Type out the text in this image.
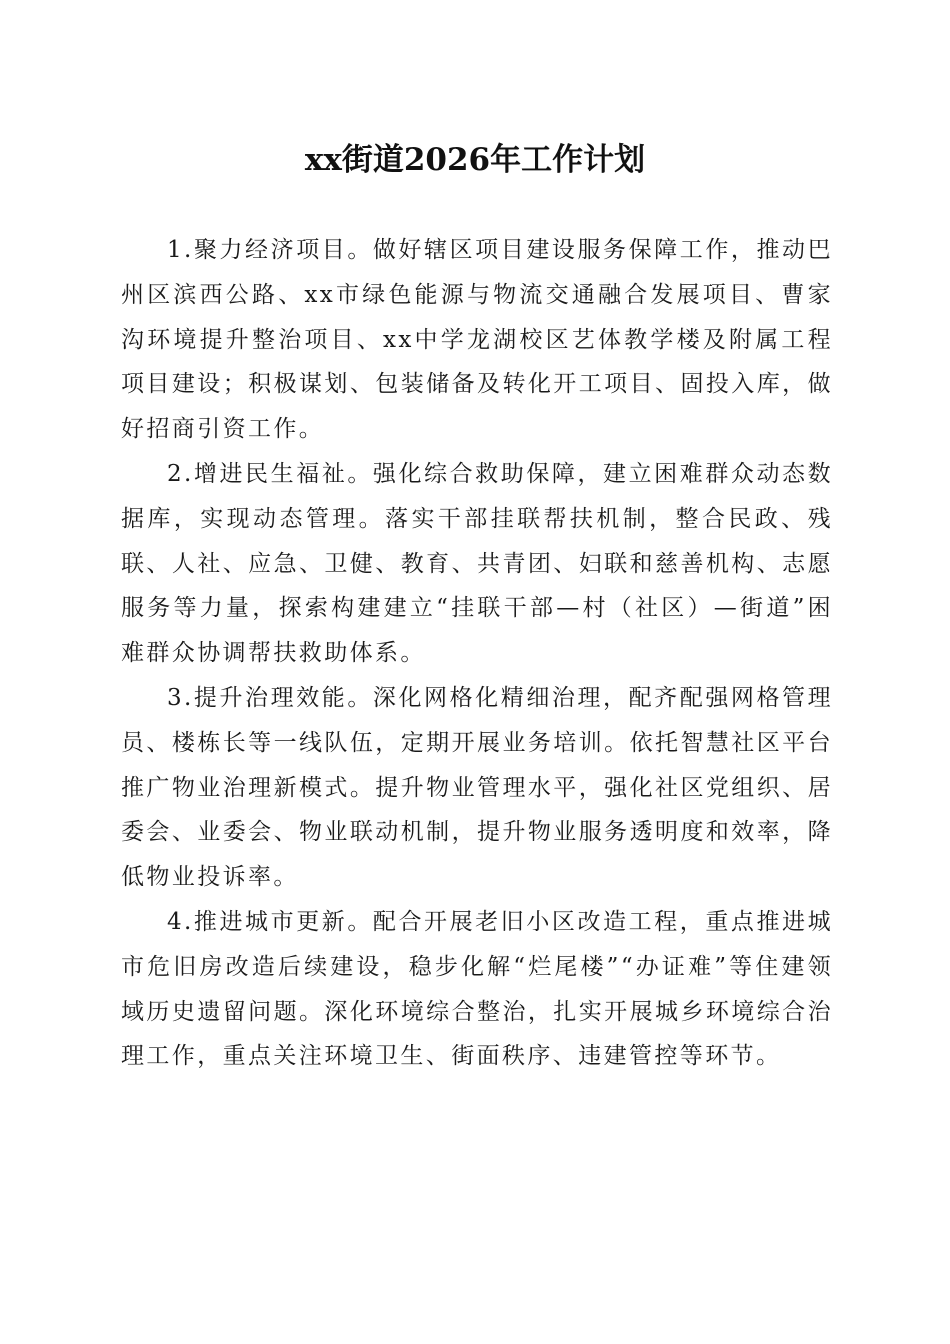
xx街道2026年工作计划

1.聚力经济项目。做好辖区项目建设服务保障工作，推动巴州区滨西公路、xx市绿色能源与物流交通融合发展项目、曹家沟环境提升整治项目、xx中学龙湖校区艺体教学楼及附属工程项目建设；积极谋划、包装储备及转化开工项目、固投入库，做好招商引资工作。

2.增进民生福祉。强化综合救助保障，建立困难群众动态数据库，实现动态管理。落实干部挂联帮扶机制，整合民政、残联、人社、应急、卫健、教育、共青团、妇联和慈善机构、志愿服务等力量，探索构建建立“挂联干部—村（社区）—街道”困难群众协调帮扶救助体系。

3.提升治理效能。深化网格化精细治理，配齐配强网格管理员、楼栋长等一线队伍，定期开展业务培训。依托智慧社区平台推广物业治理新模式。提升物业管理水平，强化社区党组织、居委会、业委会、物业联动机制，提升物业服务透明度和效率，降低物业投诉率。

4.推进城市更新。配合开展老旧小区改造工程，重点推进城市危旧房改造后续建设，稳步化解“烂尾楼”“办证难”等住建领域历史遗留问题。深化环境综合整治，扎实开展城乡环境综合治理工作，重点关注环境卫生、街面秩序、违建管控等环节。
